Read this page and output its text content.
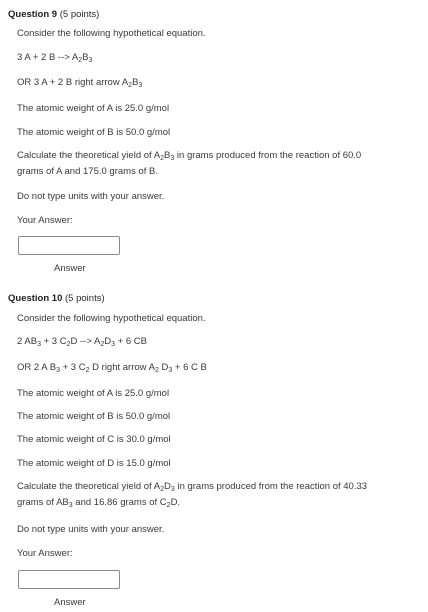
Question 9 (5 points)
Consider the following hypothetical equation.
3 A + 2 B --> $A_2B_3$
OR 3 A + 2 B right arrow $A_2B_3$
The atomic weight of A is 25.0 g/mol
The atomic weight of B is 50.0 g/mol
Calculate the theoretical yield of $A_2B_3$ in grams produced from the reaction of 60.0 grams of A and 175.0 grams of B.
Do not type units with your answer.
Your Answer:
Answer
Question 10 (5 points)
Consider the following hypothetical equation.
2 $AB_3 + 3$ $C_2D$ --> $A_2D_3 + 6$ CB
OR 2 A $B_3 + 3$ $C_2$ D right arrow $A_2$ $D_3 + 6$ C B
The atomic weight of A is 25.0 g/mol
The atomic weight of B is 50.0 g/mol
The atomic weight of C is 30.0 g/mol
The atomic weight of D is 15.0 g/mol
Calculate the theoretical yield of $A_2D_3$ in grams produced from the reaction of 40.33 grams of $AB_3$ and 16.86 grams of $C_2D$.
Do not type units with your answer.
Your Answer:
Answer
